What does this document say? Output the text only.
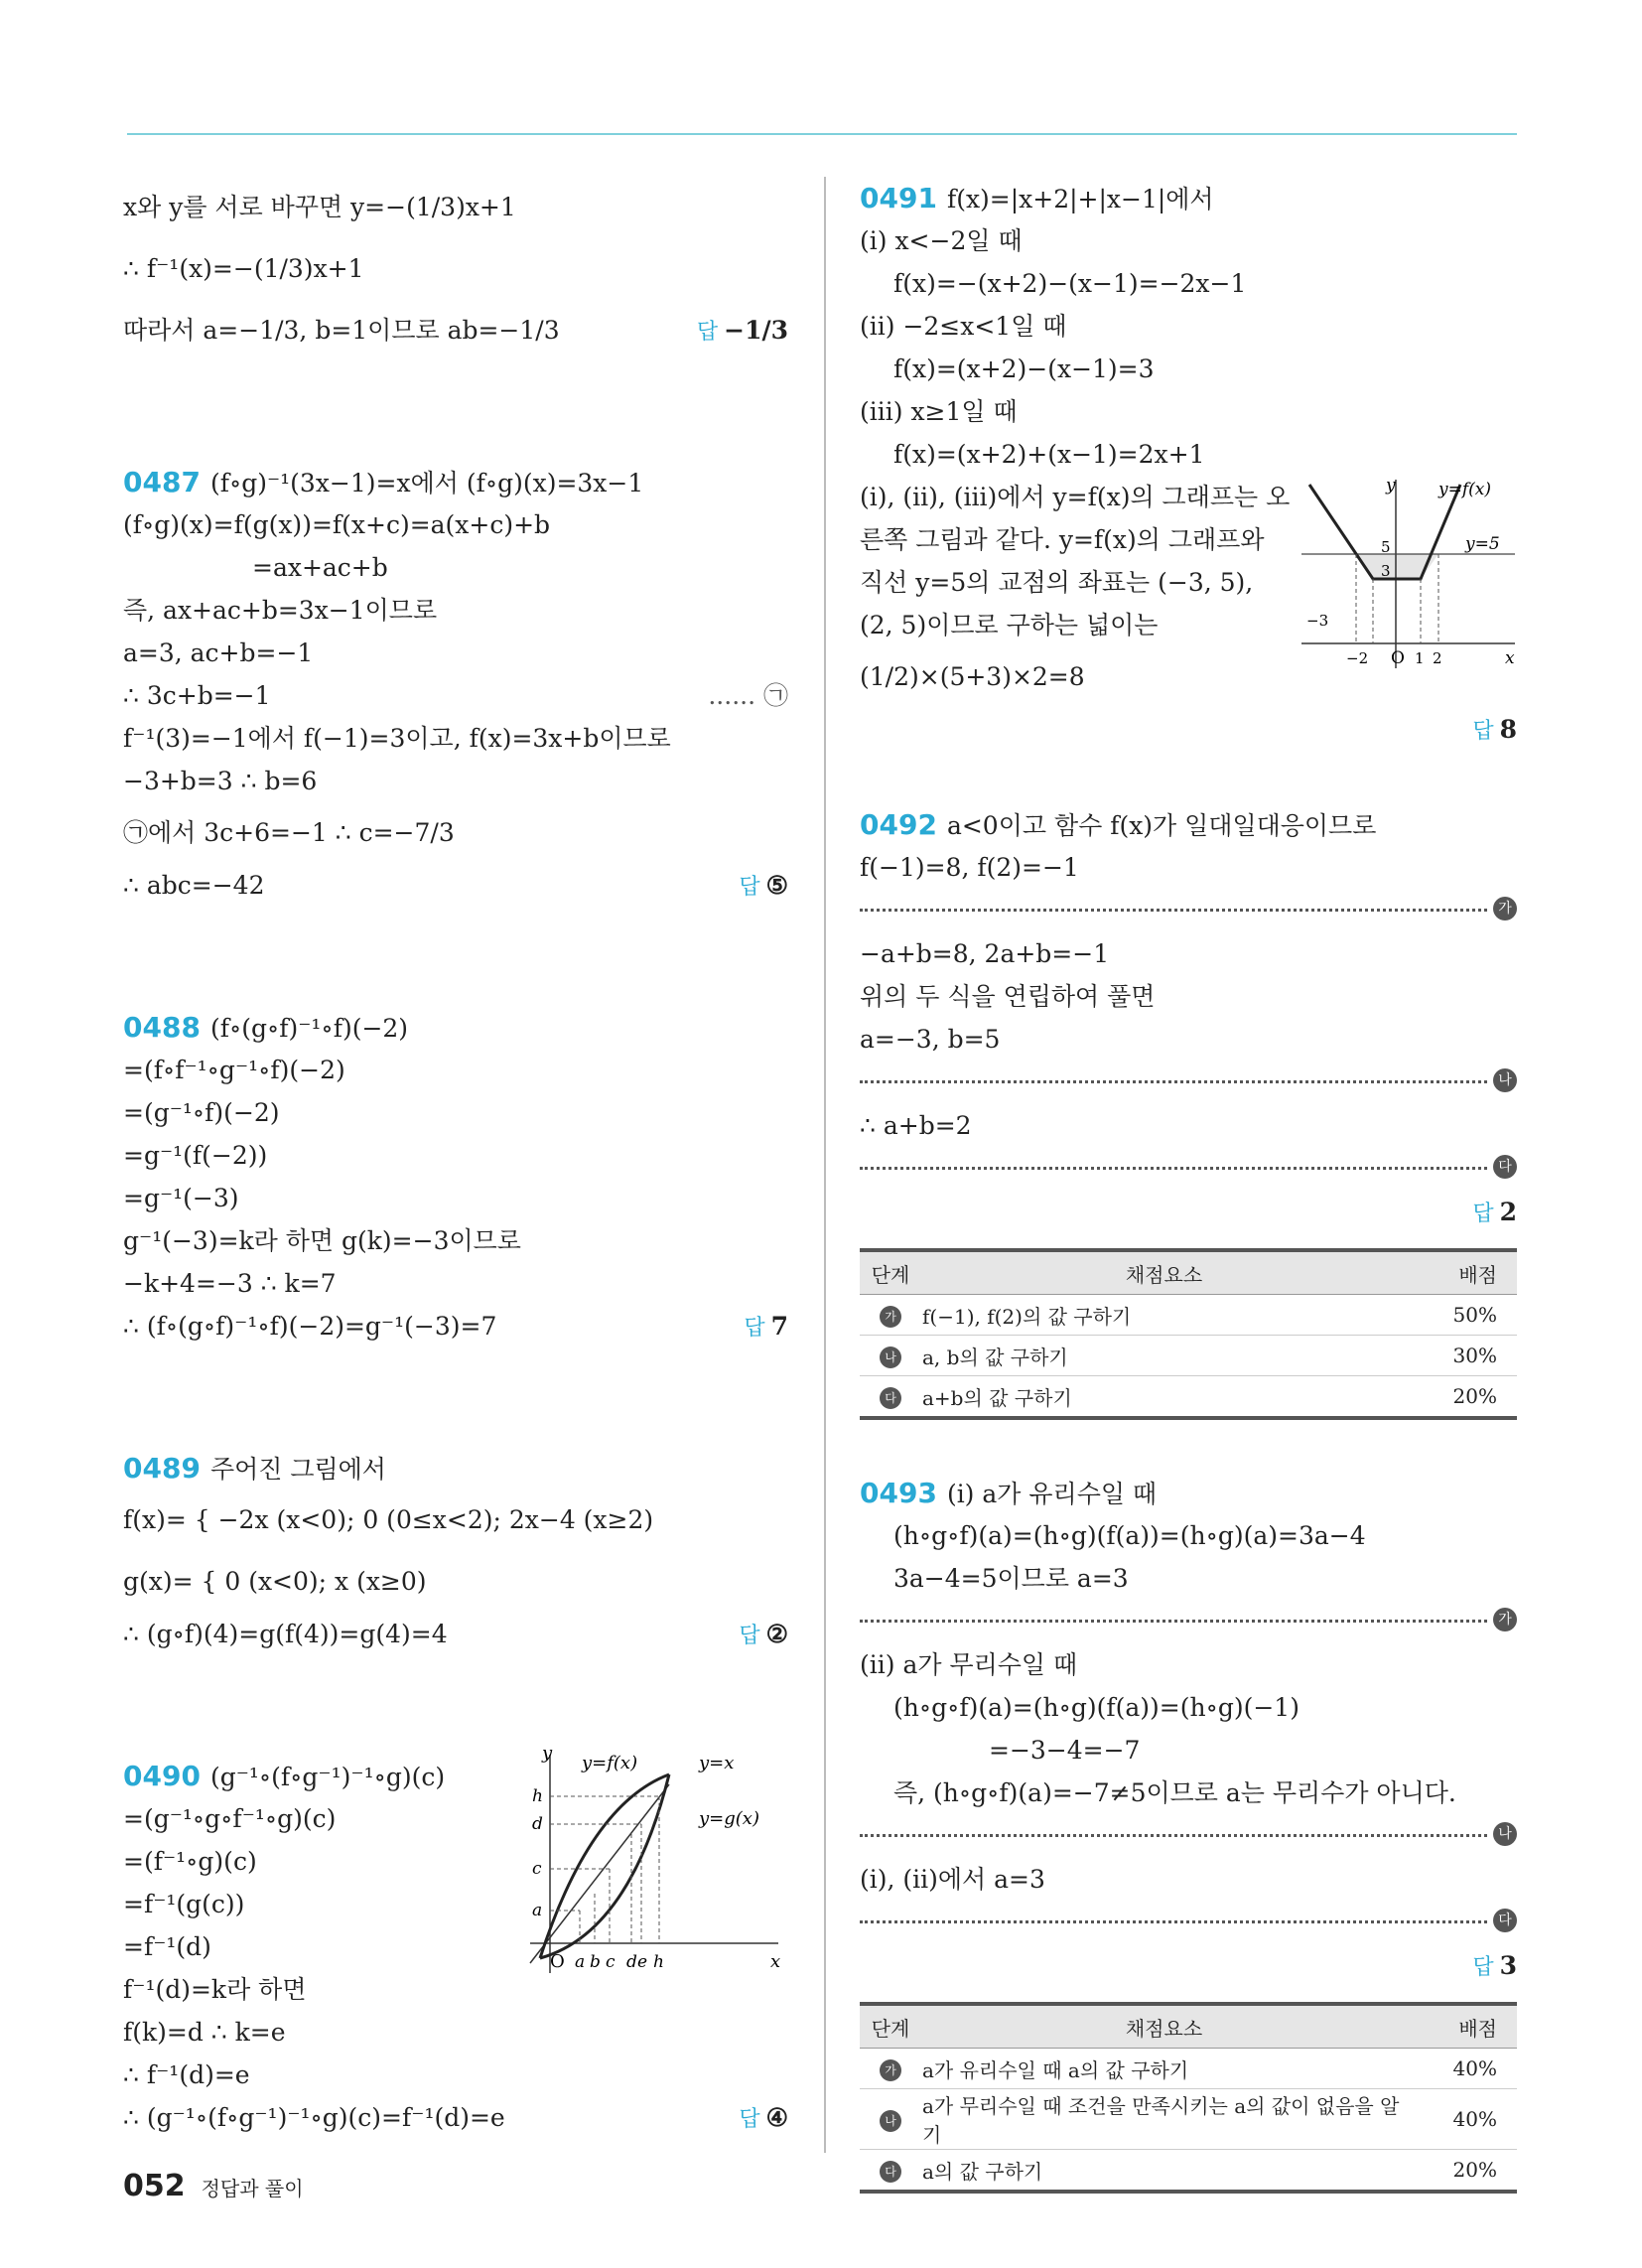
x와 y를 서로 바꾸면 y=−(1/3)x+1
∴ f⁻¹(x)=−(1/3)x+1
따라서 a=−1/3, b=1이므로 ab=−1/3	답 −1/3
0487 (f∘g)⁻¹(3x−1)=x에서 (f∘g)(x)=3x−1
(f∘g)(x)=f(g(x))=f(x+c)=a(x+c)+b
=ax+ac+b
즉, ax+ac+b=3x−1이므로
a=3, ac+b=−1
∴ 3c+b=−1	...... ㉠
f⁻¹(3)=−1에서 f(−1)=3이고, f(x)=3x+b이므로
−3+b=3 ∴ b=6
㉠에서 3c+6=−1 ∴ c=−7/3
∴ abc=−42	답 ⑤
0488 (f∘(g∘f)⁻¹∘f)(−2)
=(f∘f⁻¹∘g⁻¹∘f)(−2)
=(g⁻¹∘f)(−2)
=g⁻¹(f(−2))
=g⁻¹(−3)
g⁻¹(−3)=k라 하면 g(k)=−3이므로
−k+4=−3 ∴ k=7
∴ (f∘(g∘f)⁻¹∘f)(−2)=g⁻¹(−3)=7	답 7
0489 주어진 그림에서
f(x)= { −2x (x<0); 0 (0≤x<2); 2x−4 (x≥2)
g(x)= { 0 (x<0); x (x≥0)
∴ (g∘f)(4)=g(f(4))=g(4)=4	답 ②
0490 (g⁻¹∘(f∘g⁻¹)⁻¹∘g)(c)
=(g⁻¹∘g∘f⁻¹∘g)(c)
=(f⁻¹∘g)(c)
=f⁻¹(g(c))
=f⁻¹(d)
f⁻¹(d)=k라 하면
f(k)=d ∴ k=e
∴ f⁻¹(d)=e
∴ (g⁻¹∘(f∘g⁻¹)⁻¹∘g)(c)=f⁻¹(d)=e	답 ④
y
x
O
y=f(x)	y=x
y=g(x)
h
d
c
a
a b c d e h
0491 f(x)=|x+2|+|x−1|에서
(i) x<−2일 때
f(x)=−(x+2)−(x−1)=−2x−1
(ii) −2≤x<1일 때
f(x)=(x+2)−(x−1)=3
(iii) x≥1일 때
f(x)=(x+2)+(x−1)=2x+1
(i), (ii), (iii)에서 y=f(x)의 그래프는 오
른쪽 그림과 같다. y=f(x)의 그래프와
직선 y=5의 교점의 좌표는 (−3, 5),
(2, 5)이므로 구하는 넓이는
(1/2)×(5+3)×2=8
답 8
y
x
O
y=f(x)
y=5
5
3
−3
−2	1 2
0492 a<0이고 함수 f(x)가 일대일대응이므로
f(−1)=8, f(2)=−1
가
−a+b=8, 2a+b=−1
위의 두 식을 연립하여 풀면
a=−3, b=5
나
∴ a+b=2
다
답 2
단계	채점요소	배점
가	f(−1), f(2)의 값 구하기	50%
나	a, b의 값 구하기	30%
다	a+b의 값 구하기	20%
0493 (i) a가 유리수일 때
(h∘g∘f)(a)=(h∘g)(f(a))=(h∘g)(a)=3a−4
3a−4=5이므로 a=3
가
(ii) a가 무리수일 때
(h∘g∘f)(a)=(h∘g)(f(a))=(h∘g)(−1)
=−3−4=−7
즉, (h∘g∘f)(a)=−7≠5이므로 a는 무리수가 아니다.
나
(i), (ii)에서 a=3
다
답 3
단계	채점요소	배점
가	a가 유리수일 때 a의 값 구하기	40%
나	a가 무리수일 때 조건을 만족시키는 a의 값이 없음을 알기	40%
다	a의 값 구하기	20%
052 정답과 풀이
